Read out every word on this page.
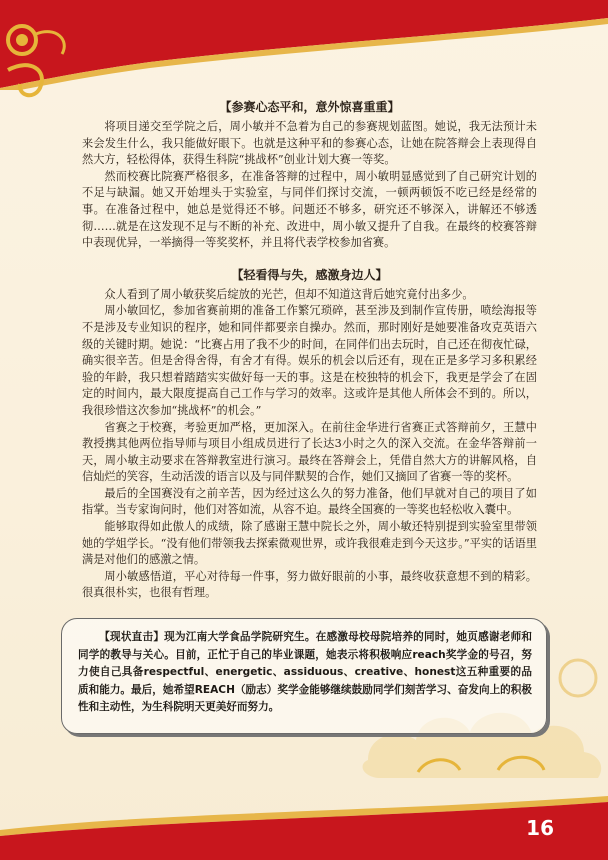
【参赛心态平和，意外惊喜重重】

将项目递交至学院之后，周小敏并不急着为自己的参赛规划蓝图。她说，我无法预计未来会发生什么，我只能做好眼下。也就是这种平和的参赛心态，让她在院答辩会上表现得自然大方，轻松得体，获得生科院“挑战杯”创业计划大赛一等奖。

然而校赛比院赛严格很多，在准备答辩的过程中，周小敏明显感觉到了自己研究计划的不足与缺漏。她又开始埋头于实验室，与同伴们探讨交流，一顿两顿饭不吃已经是经常的事。在准备过程中，她总是觉得还不够。问题还不够多，研究还不够深入，讲解还不够透彻……就是在这发现不足与不断的补充、改进中，周小敏又提升了自我。在最终的校赛答辩中表现优异，一举摘得一等奖奖杯，并且将代表学校参加省赛。

【轻看得与失，感激身边人】

众人看到了周小敏获奖后绽放的光芒，但却不知道这背后她究竟付出多少。

周小敏回忆，参加省赛前期的准备工作繁冗琐碎，甚至涉及到制作宣传册，喷绘海报等不是涉及专业知识的程序，她和同伴都要亲自操办。然而，那时刚好是她要准备攻克英语六级的关键时期。她说：“比赛占用了我不少的时间，在同伴们出去玩时，自己还在彻夜忙碌，确实很辛苦。但是舍得舍得，有舍才有得。娱乐的机会以后还有，现在正是多学习多积累经验的年龄，我只想着踏踏实实做好每一天的事。这是在校独特的机会下，我更是学会了在固定的时间内，最大限度提高自己工作与学习的效率。这或许是其他人所体会不到的。所以，我很珍惜这次参加“挑战杯”的机会。”

省赛之于校赛，考验更加严格，更加深入。在前往金华进行省赛正式答辩前夕，王慧中教授携其他两位指导师与项目小组成员进行了长达3小时之久的深入交流。在金华答辩前一天，周小敏主动要求在答辩教室进行演习。最终在答辩会上，凭借自然大方的讲解风格，自信灿烂的笑容，生动活泼的语言以及与同伴默契的合作，她们又摘回了省赛一等的奖杯。

最后的全国赛没有之前辛苦，因为经过这么久的努力准备，他们早就对自己的项目了如指掌。当专家询问时，他们对答如流，从容不迫。最终全国赛的一等奖也轻松收入囊中。

能够取得如此傲人的成绩，除了感谢王慧中院长之外，周小敏还特别提到实验室里带领她的学姐学长。“没有他们带领我去探索微观世界，或许我很难走到今天这步。”平实的话语里满是对他们的感激之情。

周小敏感悟道，平心对待每一件事，努力做好眼前的小事，最终收获意想不到的精彩。很真很朴实，也很有哲理。

【现状直击】现为江南大学食品学院研究生。在感激母校母院培养的同时，她页感谢老师和同学的教导与关心。目前，正忙于自己的毕业课题，她表示将积极响应reach奖学金的号召，努力使自己具备respectful、energetic、assiduous、creative、honest这五种重要的品质和能力。最后，她希望REACH（励志）奖学金能够继续鼓励同学们刻苦学习、奋发向上的积极性和主动性，为生科院明天更美好而努力。

16
